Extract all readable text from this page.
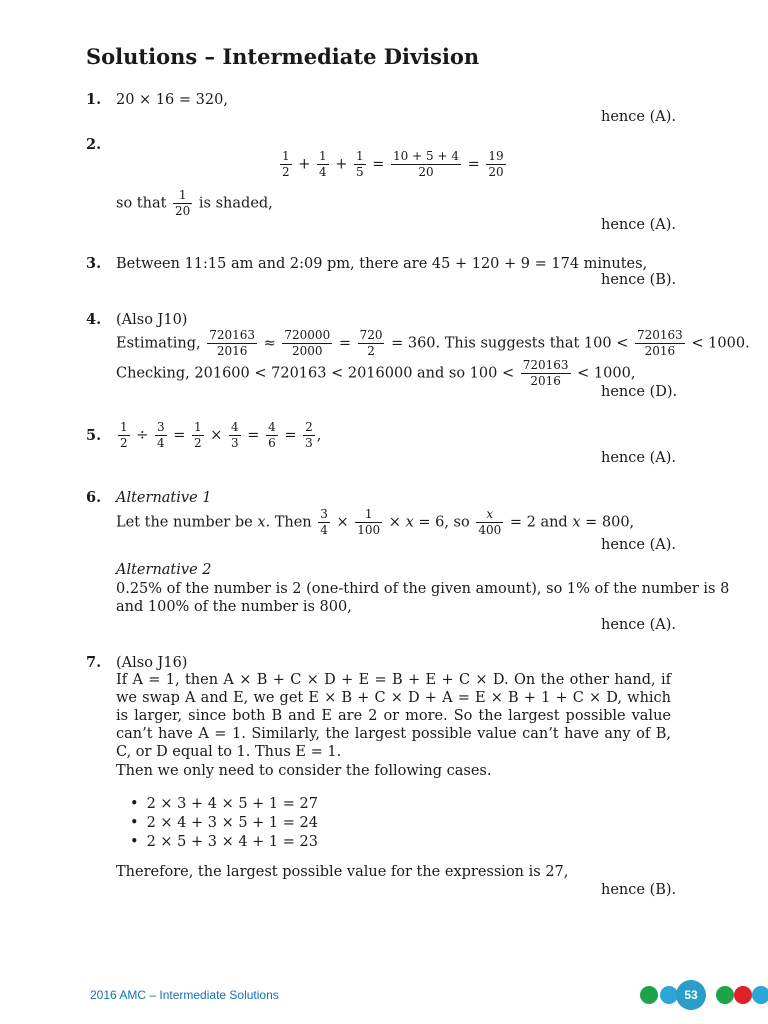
Solutions – Intermediate Division
1. 20 × 16 = 320,
hence (A).
2.
$\frac{1}{2} + \frac{1}{4} + \frac{1}{5} = \frac{10 + 5 + 4}{20} = \frac{19}{20}$
so that $\frac{1}{20}$ is shaded,
hence (A).
3. Between 11:15 am and 2:09 pm, there are 45 + 120 + 9 = 174 minutes,
hence (B).
4. (Also J10)
Estimating, $\frac{720163}{2016} \approx \frac{720000}{2000} = \frac{720}{2} = 360$. This suggests that $100 < \frac{720163}{2016} < 1000$.
Checking, 201600 < 720163 < 2016000 and so $100 < \frac{720163}{2016} < 1000$,
hence (D).
5. $\frac{1}{2} \div \frac{3}{4} = \frac{1}{2} \times \frac{4}{3} = \frac{4}{6} = \frac{2}{3}$ ,
hence (A).
6. Alternative 1
Let the number be x. Then $\frac{3}{4} \times \frac{1}{100} \times x = 6$, so $\frac{x}{400} = 2$ and x = 800,
hence (A).
Alternative 2
0.25% of the number is 2 (one-third of the given amount), so 1% of the number is 8
and 100% of the number is 800,
hence (A).
7. (Also J16)
If A = 1, then A × B + C × D + E = B + E + C × D. On the other hand, if we swap A and E, we get E × B + C × D + A = E × B + 1 + C × D, which is larger, since both B and E are 2 or more. So the largest possible value can’t have A = 1. Similarly, the largest possible value can’t have any of B, C, or D equal to 1. Thus E = 1.
Then we only need to consider the following cases.
• 2 × 3 + 4 × 5 + 1 = 27
• 2 × 4 + 3 × 5 + 1 = 24
• 2 × 5 + 3 × 4 + 1 = 23
Therefore, the largest possible value for the expression is 27,
hence (B).
2016 AMC – Intermediate Solutions	53
